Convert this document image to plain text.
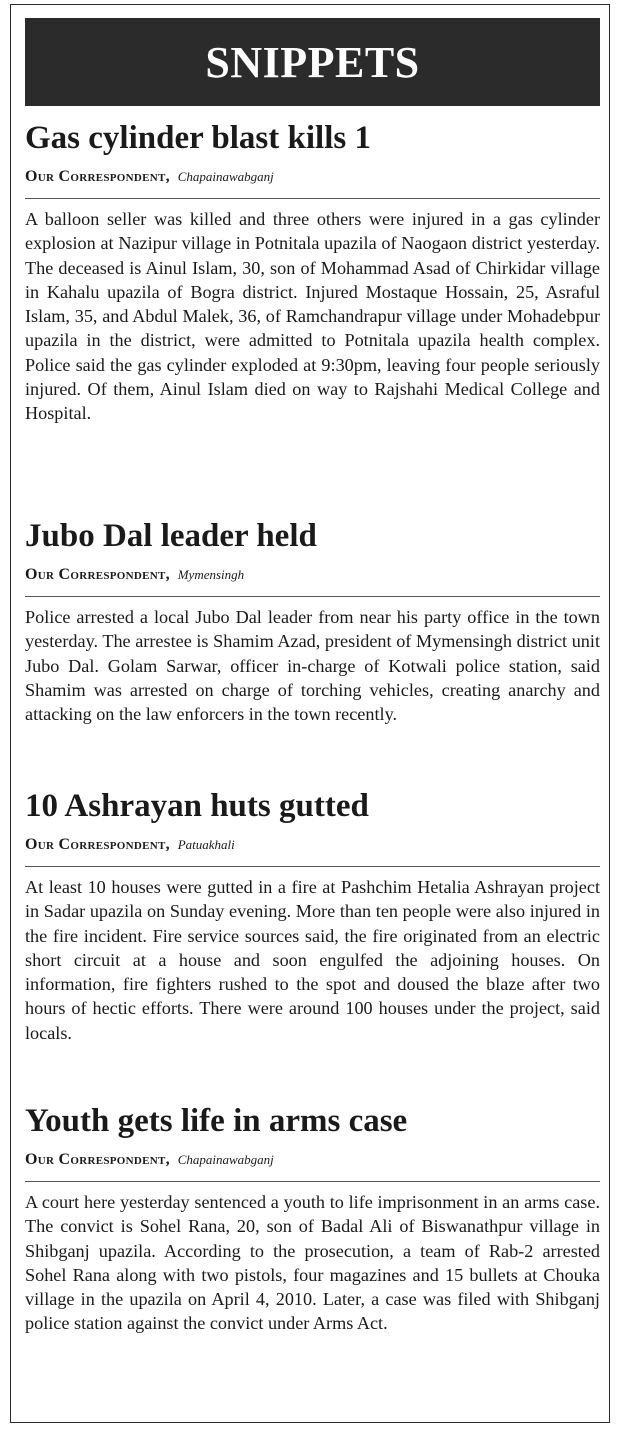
SNIPPETS
Gas cylinder blast kills 1
Our Correspondent, Chapainawabganj

A balloon seller was killed and three others were injured in a gas cylinder explosion at Nazipur village in Potnitala upazila of Naogaon district yesterday. The deceased is Ainul Islam, 30, son of Mohammad Asad of Chirkidar village in Kahalu upazila of Bogra district. Injured Mostaque Hossain, 25, Asraful Islam, 35, and Abdul Malek, 36, of Ramchandrapur village under Mohadebpur upazila in the district, were admitted to Potnitala upazila health complex. Police said the gas cylinder exploded at 9:30pm, leaving four people seriously injured. Of them, Ainul Islam died on way to Rajshahi Medical College and Hospital.

Jubo Dal leader held
Our Correspondent, Mymensingh

Police arrested a local Jubo Dal leader from near his party office in the town yesterday. The arrestee is Shamim Azad, president of Mymensingh district unit Jubo Dal. Golam Sarwar, officer in-charge of Kotwali police station, said Shamim was arrested on charge of torching vehicles, creating anarchy and attacking on the law enforcers in the town recently.

10 Ashrayan huts gutted
Our Correspondent, Patuakhali

At least 10 houses were gutted in a fire at Pashchim Hetalia Ashrayan project in Sadar upazila on Sunday evening. More than ten people were also injured in the fire incident. Fire service sources said, the fire originated from an electric short circuit at a house and soon engulfed the adjoining houses. On information, fire fighters rushed to the spot and doused the blaze after two hours of hectic efforts. There were around 100 houses under the project, said locals.

Youth gets life in arms case
Our Correspondent, Chapainawabganj

A court here yesterday sentenced a youth to life imprisonment in an arms case. The convict is Sohel Rana, 20, son of Badal Ali of Biswanathpur village in Shibganj upazila. According to the prosecution, a team of Rab-2 arrested Sohel Rana along with two pistols, four magazines and 15 bullets at Chouka village in the upazila on April 4, 2010. Later, a case was filed with Shibganj police station against the convict under Arms Act.
